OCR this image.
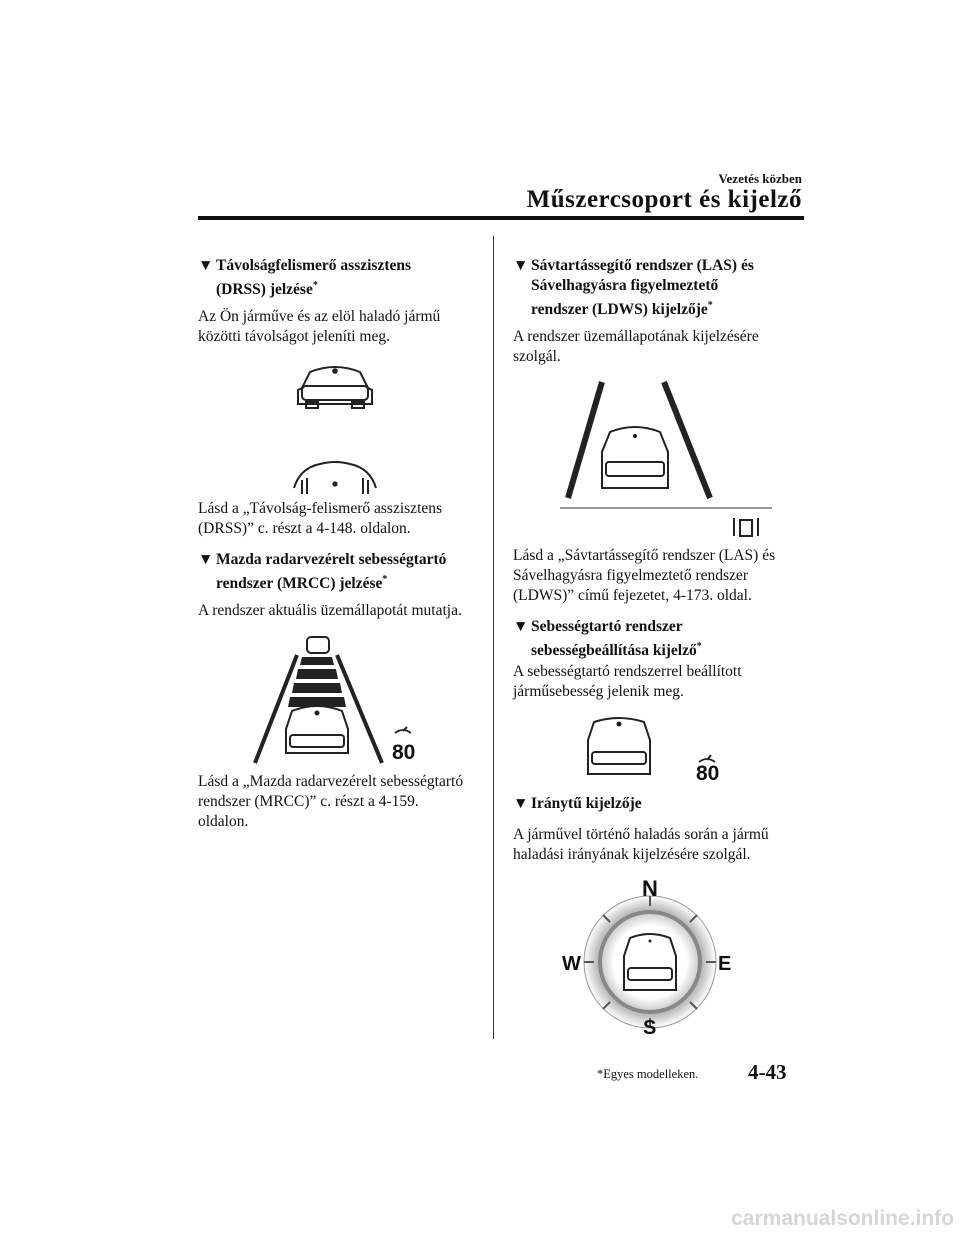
Vezetés közben
Műszercsoport és kijelző
▼ Távolságfelismerő asszisztens
(DRSS) jelzése*
Az Ön járműve és az elöl haladó jármű
közötti távolságot jeleníti meg.
Lásd a „Távolság-felismerő asszisztens
(DRSS)” c. részt a 4-148. oldalon.
▼ Mazda radarvezérelt sebességtartó
rendszer (MRCC) jelzése*
A rendszer aktuális üzemállapotát mutatja.
80
Lásd a „Mazda radarvezérelt sebességtartó
rendszer (MRCC)” c. részt a 4-159.
oldalon.
▼ Sávtartássegítő rendszer (LAS) és
Sávelhagyásra figyelmeztető
rendszer (LDWS) kijelzője*
A rendszer üzemállapotának kijelzésére
szolgál.
Lásd a „Sávtartássegítő rendszer (LAS) és
Sávelhagyásra figyelmeztető rendszer
(LDWS)” című fejezetet, 4-173. oldal.
▼ Sebességtartó rendszer
sebességbeállítása kijelző*
A sebességtartó rendszerrel beállított
járműsebesség jelenik meg.
80
▼ Iránytű kijelzője
A járművel történő haladás során a jármű
haladási irányának kijelzésére szolgál.
N
E
S
W
*Egyes modelleken. 4-43
carmanualsonline.info
